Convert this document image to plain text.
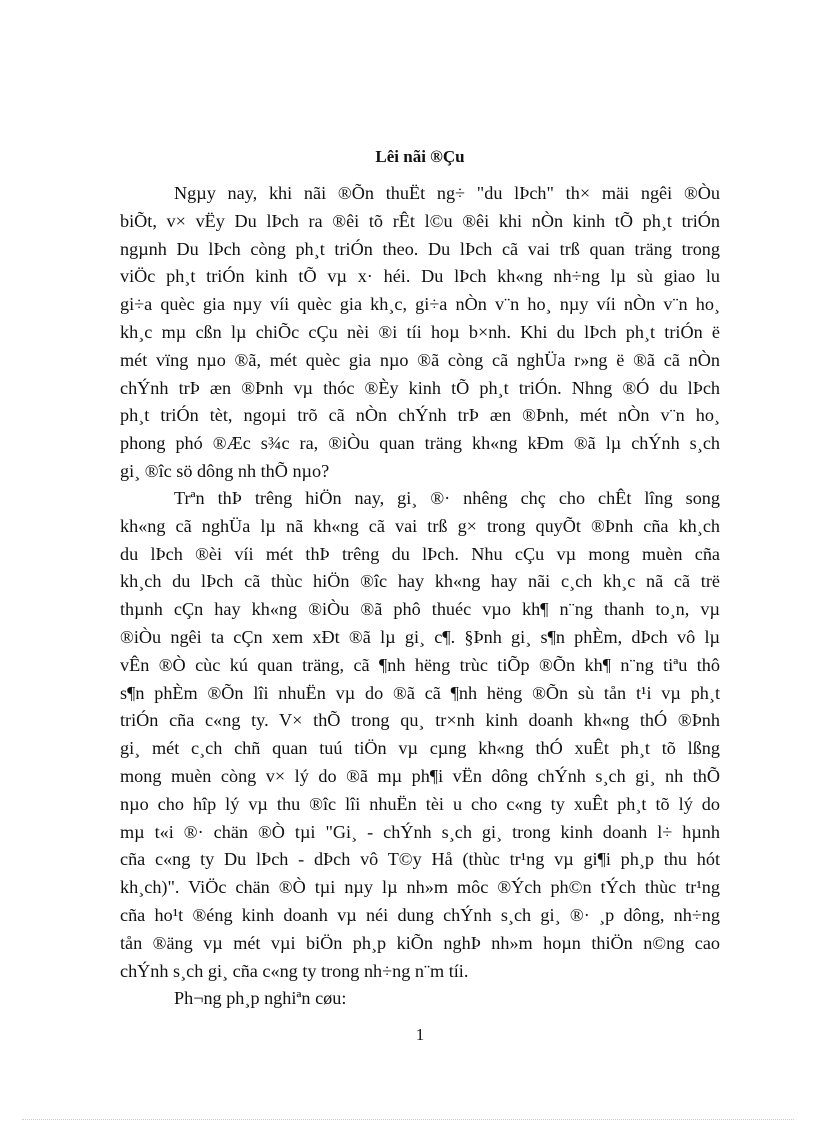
Lêi nãi ®Çu
Ngµy nay, khi nãi ®Õn thuËt ng÷ "du lÞch" th× mäi ngêi ®Òu
biÕt, v× vËy Du lÞch ra ®êi tõ rÊt l©u ®êi khi nÒn kinh tÕ ph¸t triÓn
ngµnh Du lÞch còng ph¸t triÓn theo. Du lÞch cã vai trß quan träng trong
viÖc ph¸t triÓn kinh tÕ vµ x· héi. Du lÞch kh«ng nh÷ng lµ sù giao lu
gi÷a quèc gia nµy víi quèc gia kh¸c, gi÷a nÒn v¨n ho¸ nµy víi nÒn v¨n ho¸
kh¸c mµ cßn lµ chiÕc cÇu nèi ®i tíi hoµ b×nh. Khi du lÞch ph¸t triÓn ë
mét vïng nµo ®ã, mét quèc gia nµo ®ã còng cã nghÜa r»ng ë ®ã cã nÒn
chÝnh trÞ æn ®Þnh vµ thóc ®Èy kinh tÕ ph¸t triÓn. Nhng ®Ó du lÞch
ph¸t triÓn tèt, ngoµi trõ cã nÒn chÝnh trÞ æn ®Þnh, mét nÒn v¨n ho¸
phong phó ®Æc s¾c ra, ®iÒu quan träng kh«ng kÐm ®ã lµ chÝnh s¸ch
gi¸ ®îc sö dông nh thÕ nµo?
Trªn thÞ trêng hiÖn nay, gi¸ ®· nhêng chç cho chÊt lîng song
kh«ng cã nghÜa lµ nã kh«ng cã vai trß g× trong quyÕt ®Þnh cña kh¸ch
du lÞch ®èi víi mét thÞ trêng du lÞch. Nhu cÇu vµ mong muèn cña
kh¸ch du lÞch cã thùc hiÖn ®îc hay kh«ng hay nãi c¸ch kh¸c nã cã trë
thµnh cÇn hay kh«ng ®iÒu ®ã phô thuéc vµo kh¶ n¨ng thanh to¸n, vµ
®iÒu ngêi ta cÇn xem xÐt ®ã lµ gi¸ c¶. §Þnh gi¸ s¶n phÈm, dÞch vô lµ
vÊn ®Ò cùc kú quan träng, cã ¶nh hëng trùc tiÕp ®Õn kh¶ n¨ng tiªu thô
s¶n phÈm ®Õn lîi nhuËn vµ do ®ã cã ¶nh hëng ®Õn sù tån t¹i vµ ph¸t
triÓn cña c«ng ty. V× thÕ trong qu¸ tr×nh kinh doanh kh«ng thÓ ®Þnh
gi¸ mét c¸ch chñ quan tuú tiÖn vµ cµng kh«ng thÓ xuÊt ph¸t tõ lßng
mong muèn còng v× lý do ®ã mµ ph¶i vËn dông chÝnh s¸ch gi¸ nh thÕ
nµo cho hîp lý vµ thu ®îc lîi nhuËn tèi u cho c«ng ty xuÊt ph¸t tõ lý do
mµ t«i ®· chän ®Ò tµi "Gi¸ - chÝnh s¸ch gi¸ trong kinh doanh l÷ hµnh
cña c«ng ty Du lÞch - dÞch vô T©y Hå (thùc tr¹ng vµ gi¶i ph¸p thu hót
kh¸ch)". ViÖc chän ®Ò tµi nµy lµ nh»m môc ®Ých ph©n tÝch thùc tr¹ng
cña ho¹t ®éng kinh doanh vµ néi dung chÝnh s¸ch gi¸ ®· ¸p dông, nh÷ng
tån ®äng vµ mét vµi biÖn ph¸p kiÕn nghÞ nh»m hoµn thiÖn n©ng cao
chÝnh s¸ch gi¸ cña c«ng ty trong nh÷ng n¨m tíi.
Ph¬ng ph¸p nghiªn cøu:
1
